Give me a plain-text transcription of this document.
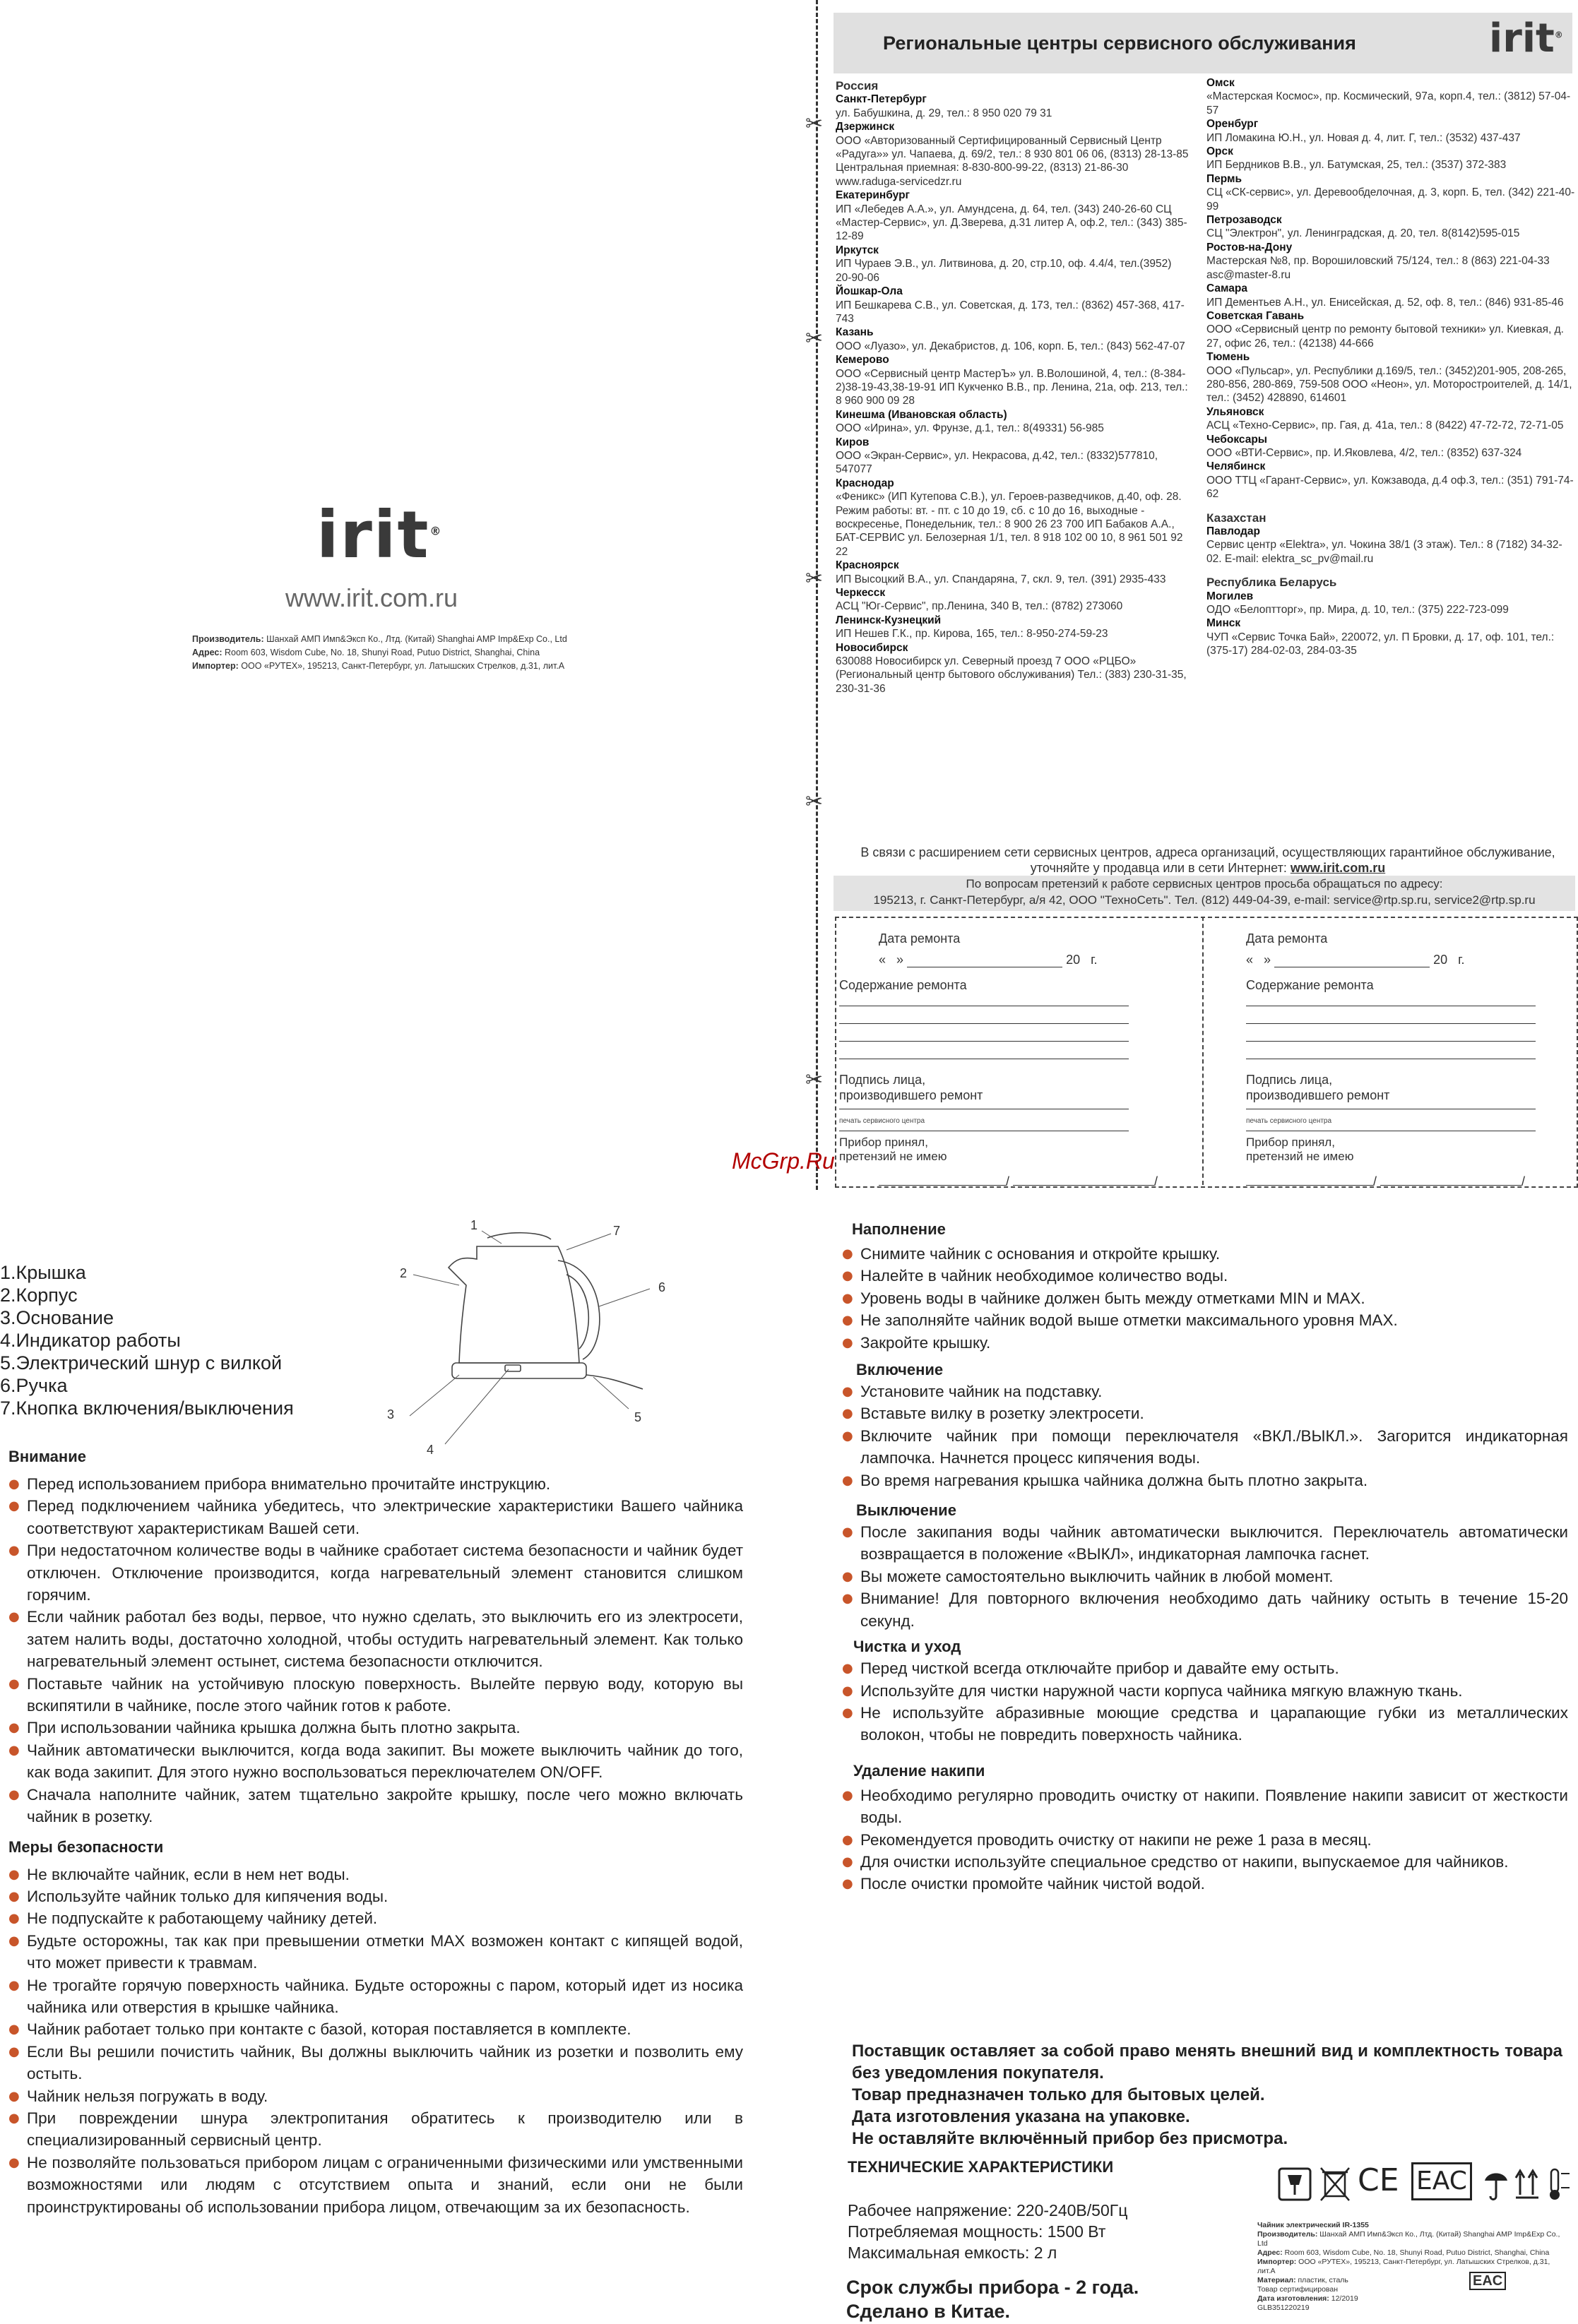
irit®
www.irit.com.ru
Производитель: Шанхай АМП Имп&Эксп Ко., Лтд. (Китай) Shanghai AMP Imp&Exp Co., Ltd
Адрес: Room 603, Wisdom Cube, No. 18, Shunyi Road, Putuo District, Shanghai, China
Импортер: ООО «РУТЕХ», 195213, Санкт-Петербург, ул. Латышских Стрелков, д.31, лит.А
✂
✂
✂
✂
✂
Региональные центры сервисного обслуживания	irit®
Россия
Санкт-Петербург
ул. Бабушкина, д. 29, тел.: 8 950 020 79 31
Дзержинск
ООО «Авторизованный Сертифицированный Сервисный Центр «Радуга»» ул. Чапаева, д. 69/2, тел.: 8 930 801 06 06, (8313) 28-13-85 Центральная приемная: 8-830-800-99-22, (8313) 21-86-30 www.raduga-servicedzr.ru
Екатеринбург
ИП «Лебедев А.А.», ул. Амундсена, д. 64, тел. (343) 240-26-60 СЦ «Мастер-Сервис», ул. Д.Зверева, д.31 литер А, оф.2, тел.: (343) 385-12-89
Иркутск
ИП Чураев Э.В., ул. Литвинова, д. 20, стр.10, оф. 4.4/4, тел.(3952) 20-90-06
Йошкар-Ола
ИП Бешкарева С.В., ул. Советская, д. 173, тел.: (8362) 457-368, 417-743
Казань
ООО «Луазо», ул. Декабристов, д. 106, корп. Б, тел.: (843) 562-47-07
Кемерово
ООО «Сервисный центр МастерЪ» ул. В.Волошиной, 4, тел.: (8-384-2)38-19-43,38-19-91 ИП Кукченко В.В., пр. Ленина, 21а, оф. 213, тел.: 8 960 900 09 28
Кинешма (Ивановская область)
ООО «Ирина», ул. Фрунзе, д.1, тел.: 8(49331) 56-985
Киров
ООО «Экран-Сервис», ул. Некрасова, д.42, тел.: (8332)577810, 547077
Краснодар
«Феникс» (ИП Кутепова С.В.), ул. Героев-разведчиков, д.40, оф. 28. Режим работы: вт. - пт. с 10 до 19, сб. с 10 до 16, выходные - воскресенье, Понедельник, тел.: 8 900 26 23 700 ИП Бабаков А.А., БАТ-СЕРВИС ул. Белозерная 1/1, тел. 8 918 102 00 10, 8 961 501 92 22
Красноярск
ИП Высоцкий В.А., ул. Спандаряна, 7, скл. 9, тел. (391) 2935-433
Черкесск
АСЦ "Юг-Сервис", пр.Ленина, 340 В, тел.: (8782) 273060
Ленинск-Кузнецкий
ИП Нешев Г.К., пр. Кирова, 165, тел.: 8-950-274-59-23
Новосибирск
630088 Новосибирск ул. Северный проезд 7 ООО «РЦБО» (Региональный центр бытового обслуживания) Тел.: (383) 230-31-35, 230-31-36
Омск
«Мастерская Космос», пр. Космический, 97а, корп.4, тел.: (3812) 57-04-57
Оренбург
ИП Ломакина Ю.Н., ул. Новая д. 4, лит. Г, тел.: (3532) 437-437
Орск
ИП Бердников В.В., ул. Батумская, 25, тел.: (3537) 372-383
Пермь
СЦ «СК-сервис», ул. Деревообделочная, д. 3, корп. Б, тел. (342) 221-40-99
Петрозаводск
СЦ "Электрон", ул. Ленинградская, д. 20, тел. 8(8142)595-015
Ростов-на-Дону
Мастерская №8, пр. Ворошиловский 75/124, тел.: 8 (863) 221-04-33 asc@master-8.ru
Самара
ИП Дементьев А.Н., ул. Енисейская, д. 52, оф. 8, тел.: (846) 931-85-46
Советская Гавань
ООО «Сервисный центр по ремонту бытовой техники» ул. Киевкая, д. 27, офис 26, тел.: (42138) 44-666
Тюмень
ООО «Пульсар», ул. Республики д.169/5, тел.: (3452)201-905, 208-265, 280-856, 280-869, 759-508 ООО «Неон», ул. Моторостроителей, д. 14/1, тел.: (3452) 428890, 614601
Ульяновск
АСЦ «Техно-Сервис», пр. Гая, д. 41а, тел.: 8 (8422) 47-72-72, 72-71-05
Чебоксары
ООО «ВТИ-Сервис», пр. И.Яковлева, 4/2, тел.: (8352) 637-324
Челябинск
ООО ТТЦ «Гарант-Сервис», ул. Кожзавода, д.4 оф.3, тел.: (351) 791-74-62
Казахстан
Павлодар
Сервис центр «Elektra», ул. Чокина 38/1 (3 этаж). Тел.: 8 (7182) 34-32-02. E-mail: elektra_sc_pv@mail.ru
Республика Беларусь
Могилев
ОДО «Белоптторг», пр. Мира, д. 10, тел.: (375) 222-723-099
Минск
ЧУП «Сервис Точка Бай», 220072, ул. П Бровки, д. 17, оф. 101, тел.: (375-17) 284-02-03, 284-03-35
В связи с расширением сети сервисных центров, адреса организаций, осуществляющих гарантийное обслуживание, уточняйте у продавца или в сети Интернет: www.irit.com.ru
По вопросам претензий к работе сервисных центров просьба обращаться по адресу:
195213, г. Санкт-Петербург, а/я 42, ООО "ТехноСеть". Тел. (812) 449-04-39, e-mail: service@rtp.sp.ru, service2@rtp.sp.ru
Дата ремонта
« »	20 г.
Содержание ремонта
Подпись лица,
производившего ремонт
печать сервисного центра
Прибор принял,
претензий не имею
/	/
Дата ремонта
« »	20 г.
Содержание ремонта
Подпись лица,
производившего ремонт
печать сервисного центра
Прибор принял,
претензий не имею
/	/
McGrp.Ru
1
2
3
4
5
6
7
1.Крышка
2.Корпус
3.Основание
4.Индикатор работы
5.Электрический шнур с вилкой
6.Ручка
7.Кнопка включения/выключения
Внимание
● Перед использованием прибора внимательно прочитайте инструкцию.
● Перед подключением чайника убедитесь, что электрические характеристики Вашего чайника соответствуют характеристикам Вашей сети.
● При недостаточном количестве воды в чайнике сработает система безопасности и чайник будет отключен. Отключение производится, когда нагревательный элемент становится слишком горячим.
● Если чайник работал без воды, первое, что нужно сделать, это выключить его из электросети, затем налить воды, достаточно холодной, чтобы остудить нагревательный элемент. Как только нагревательный элемент остынет, система безопасности отключится.
● Поставьте чайник на устойчивую плоскую поверхность. Вылейте первую воду, которую вы вскипятили в чайнике, после этого чайник готов к работе.
● При использовании чайника крышка должна быть плотно закрыта.
● Чайник автоматически выключится, когда вода закипит. Вы можете выключить чайник до того, как вода закипит. Для этого нужно воспользоваться переключателем ON/OFF.
● Сначала наполните чайник, затем тщательно закройте крышку, после чего можно включать чайник в розетку.
Меры безопасности
● Не включайте чайник, если в нем нет воды.
● Используйте чайник только для кипячения воды.
● Не подпускайте к работающему чайнику детей.
● Будьте осторожны, так как при превышении отметки MAX возможен контакт с кипящей водой, что может привести к травмам.
● Не трогайте горячую поверхность чайника. Будьте осторожны с паром, который идет из носика чайника или отверстия в крышке чайника.
● Чайник работает только при контакте с базой, которая поставляется в комплекте.
● Если Вы решили почистить чайник, Вы должны выключить чайник из розетки и позволить ему остыть.
● Чайник нельзя погружать в воду.
● При повреждении шнура электропитания обратитесь к производителю или в специализированный сервисный центр.
● Не позволяйте пользоваться прибором лицам с ограниченными физическими или умственными возможностями или людям с отсутствием опыта и знаний, если они не были проинструктированы об использовании прибора лицом, отвечающим за их безопасность.
Наполнение
● Снимите чайник с основания и откройте крышку.
● Налейте в чайник необходимое количество воды.
● Уровень воды в чайнике должен быть между отметками MIN и MAX.
● Не заполняйте чайник водой выше отметки максимального уровня MAX.
● Закройте крышку.
Включение
● Установите чайник на подставку.
● Вставьте вилку в розетку электросети.
● Включите чайник при помощи переключателя «ВКЛ./ВЫКЛ.». Загорится индикаторная лампочка. Начнется процесс кипячения воды.
● Во время нагревания крышка чайника должна быть плотно закрыта.
Выключение
● После закипания воды чайник автоматически выключится. Переключатель автоматически возвращается в положение «ВЫКЛ», индикаторная лампочка гаснет.
● Вы можете самостоятельно выключить чайник в любой момент.
● Внимание! Для повторного включения необходимо дать чайнику остыть в течение 15-20 секунд.
Чистка и уход
● Перед чисткой всегда отключайте прибор и давайте ему остыть.
● Используйте для чистки наружной части корпуса чайника мягкую влажную ткань.
● Не используйте абразивные моющие средства и царапающие губки из металлических волокон, чтобы не повредить поверхность чайника.
Удаление накипи
● Необходимо регулярно проводить очистку от накипи. Появление накипи зависит от жесткости воды.
● Рекомендуется проводить очистку от накипи не реже 1 раза в месяц.
● Для очистки используйте специальное средство от накипи, выпускаемое для чайников.
● После очистки промойте чайник чистой водой.
Поставщик оставляет за собой право менять внешний вид и комплектность товара без уведомления покупателя.
Товар предназначен только для бытовых целей.
Дата изготовления указана на упаковке.
Не оставляйте включённый прибор без присмотра.
ТЕХНИЧЕСКИЕ ХАРАКТЕРИСТИКИ
Рабочее напряжение: 220-240В/50Гц
Потребляемая мощность: 1500 Вт
Максимальная емкость: 2 л
Срок службы прибора - 2 года.
Сделано в Китае.
CE EAC
Чайник электрический IR-1355
Производитель: Шанхай АМП Имп&Эксп Ко., Лтд. (Китай) Shanghai AMP Imp&Exp Co., Ltd
Адрес: Room 603, Wisdom Cube, No. 18, Shunyi Road, Putuo District, Shanghai, China
Импортер: ООО «РУТЕХ», 195213, Санкт-Петербург, ул. Латышских Стрелков, д.31, лит.А
Материал: пластик, сталь
Товар сертифицирован
Дата изготовления: 12/2019
GLB351220219
EAC
